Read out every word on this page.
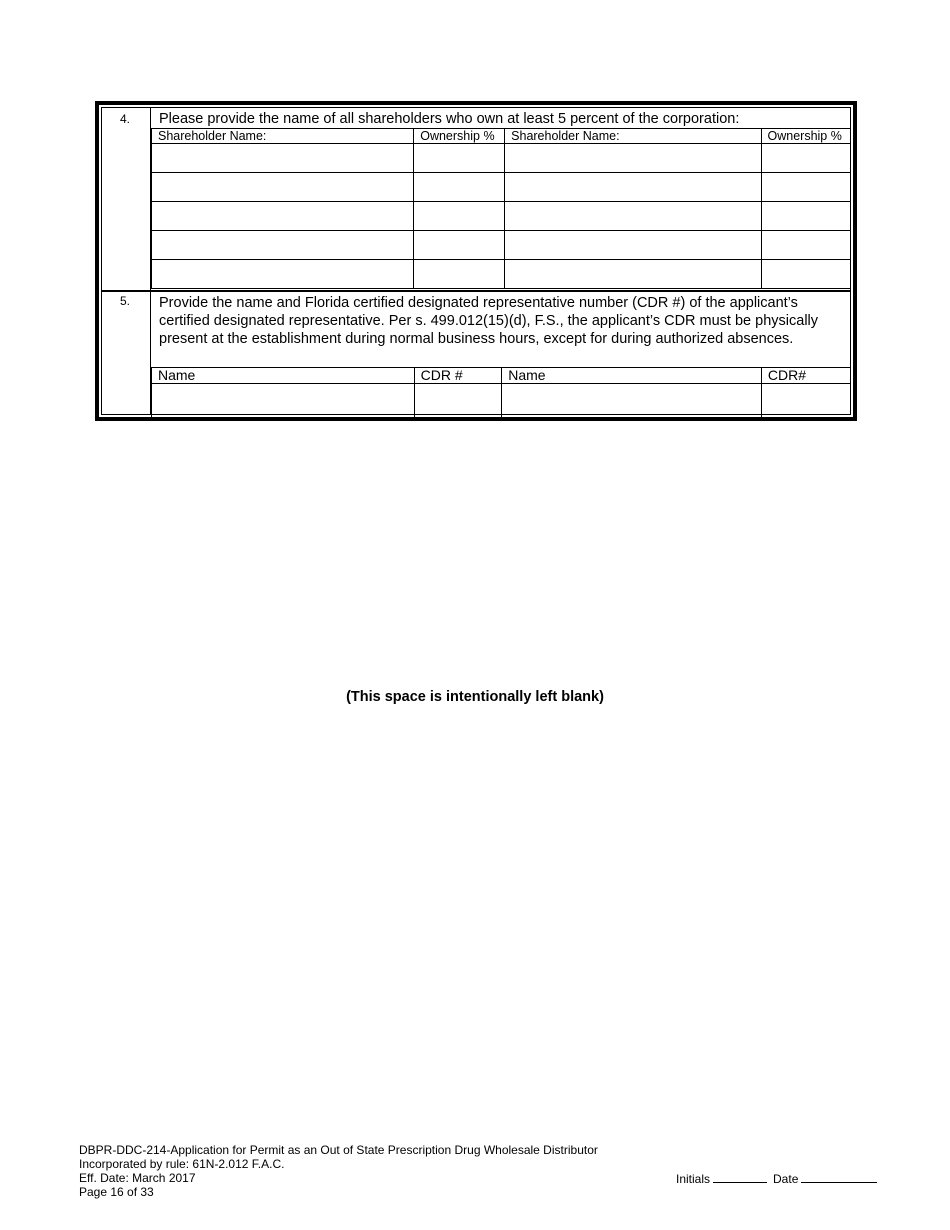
4.
5.
Please provide the name of all shareholders who own at least 5 percent of the corporation:
Shareholder Name:	Ownership %	Shareholder Name:	Ownership %

Provide the name and Florida certified designated representative number (CDR #) of the applicant’s certified designated representative. Per s. 499.012(15)(d), F.S., the applicant’s CDR must be physically present at the establishment during normal business hours, except for during authorized absences.
Name	CDR #	Name	CDR#

(This space is intentionally left blank)
DBPR-DDC-214-Application for Permit as an Out of State Prescription Drug Wholesale Distributor
Incorporated by rule: 61N-2.012 F.A.C.
Eff. Date: March 2017
Page 16 of 33
Initials	Date
